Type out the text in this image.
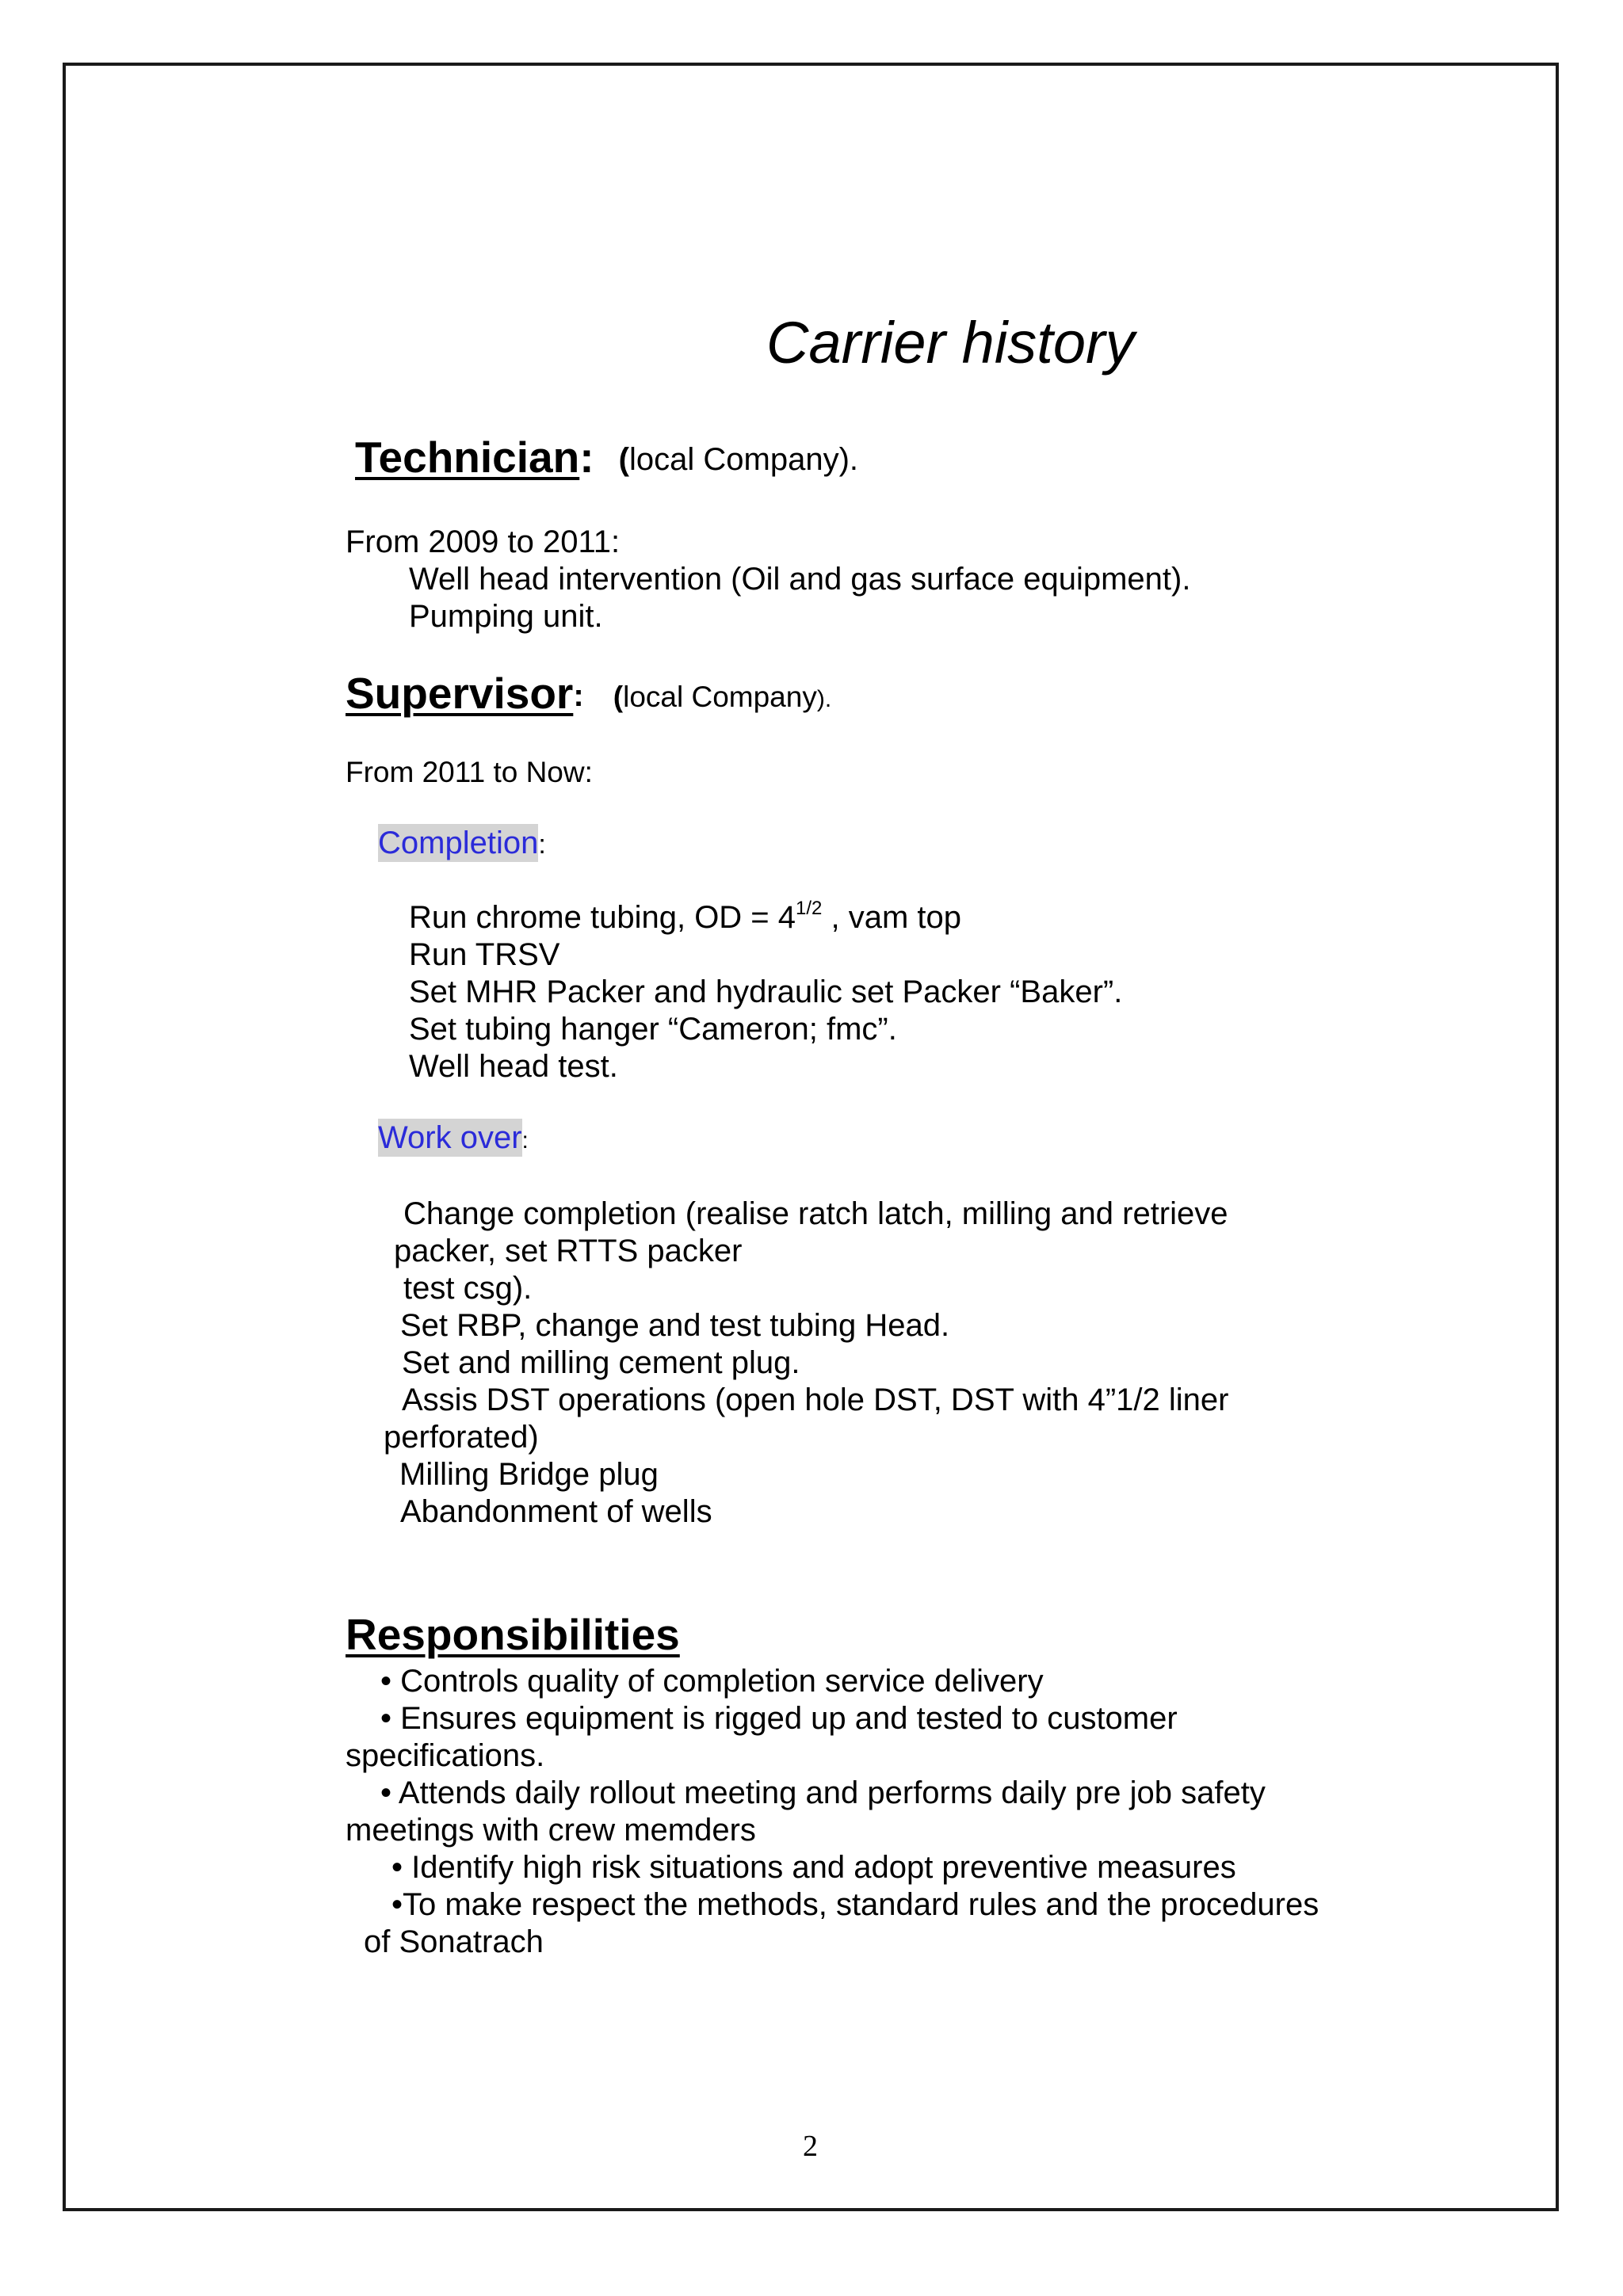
Carrier history
Technician: (local Company).
From 2009 to 2011:
Well head intervention (Oil and gas surface equipment).
Pumping unit.
Supervisor: (local Company).
From 2011 to Now:
Completion:
Run chrome tubing, OD = $4^{1/2}$ , vam top
Run TRSV
Set MHR Packer and hydraulic set Packer “Baker”.
Set tubing hanger “Cameron; fmc”.
Well head test.
Work over:
Change completion (realise ratch latch, milling and retrieve
packer, set RTTS packer
test csg).
Set RBP, change and test tubing Head.
Set and milling cement plug.
Assis DST operations (open hole DST, DST with 4”1/2 liner
perforated)
Milling Bridge plug
Abandonment of wells
Responsibilities
• Controls quality of completion service delivery
• Ensures equipment is rigged up and tested to customer
specifications.
• Attends daily rollout meeting and performs daily pre job safety
meetings with crew memders
• Identify high risk situations and adopt preventive measures
•To make respect the methods, standard rules and the procedures
of Sonatrach
2
